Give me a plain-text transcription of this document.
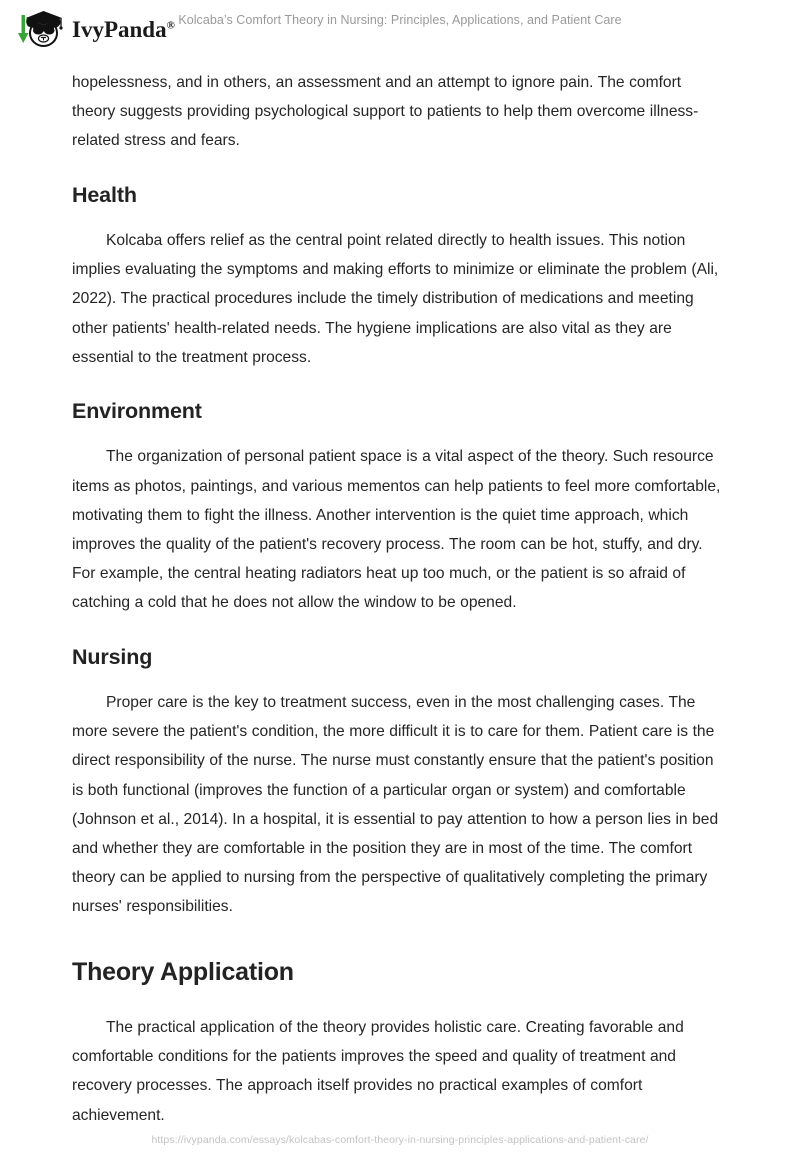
IvyPanda® Kolcaba’s Comfort Theory in Nursing: Principles, Applications, and Patient Care

hopelessness, and in others, an assessment and an attempt to ignore pain. The comfort theory suggests providing psychological support to patients to help them overcome illness-related stress and fears.

Health

Kolcaba offers relief as the central point related directly to health issues. This notion implies evaluating the symptoms and making efforts to minimize or eliminate the problem (Ali, 2022). The practical procedures include the timely distribution of medications and meeting other patients' health-related needs. The hygiene implications are also vital as they are essential to the treatment process.

Environment

The organization of personal patient space is a vital aspect of the theory. Such resource items as photos, paintings, and various mementos can help patients to feel more comfortable, motivating them to fight the illness. Another intervention is the quiet time approach, which improves the quality of the patient's recovery process. The room can be hot, stuffy, and dry. For example, the central heating radiators heat up too much, or the patient is so afraid of catching a cold that he does not allow the window to be opened.

Nursing

Proper care is the key to treatment success, even in the most challenging cases. The more severe the patient's condition, the more difficult it is to care for them. Patient care is the direct responsibility of the nurse. The nurse must constantly ensure that the patient's position is both functional (improves the function of a particular organ or system) and comfortable (Johnson et al., 2014). In a hospital, it is essential to pay attention to how a person lies in bed and whether they are comfortable in the position they are in most of the time. The comfort theory can be applied to nursing from the perspective of qualitatively completing the primary nurses' responsibilities.

Theory Application

The practical application of the theory provides holistic care. Creating favorable and comfortable conditions for the patients improves the speed and quality of treatment and recovery processes. The approach itself provides no practical examples of comfort achievement.

https://ivypanda.com/essays/kolcabas-comfort-theory-in-nursing-principles-applications-and-patient-care/
